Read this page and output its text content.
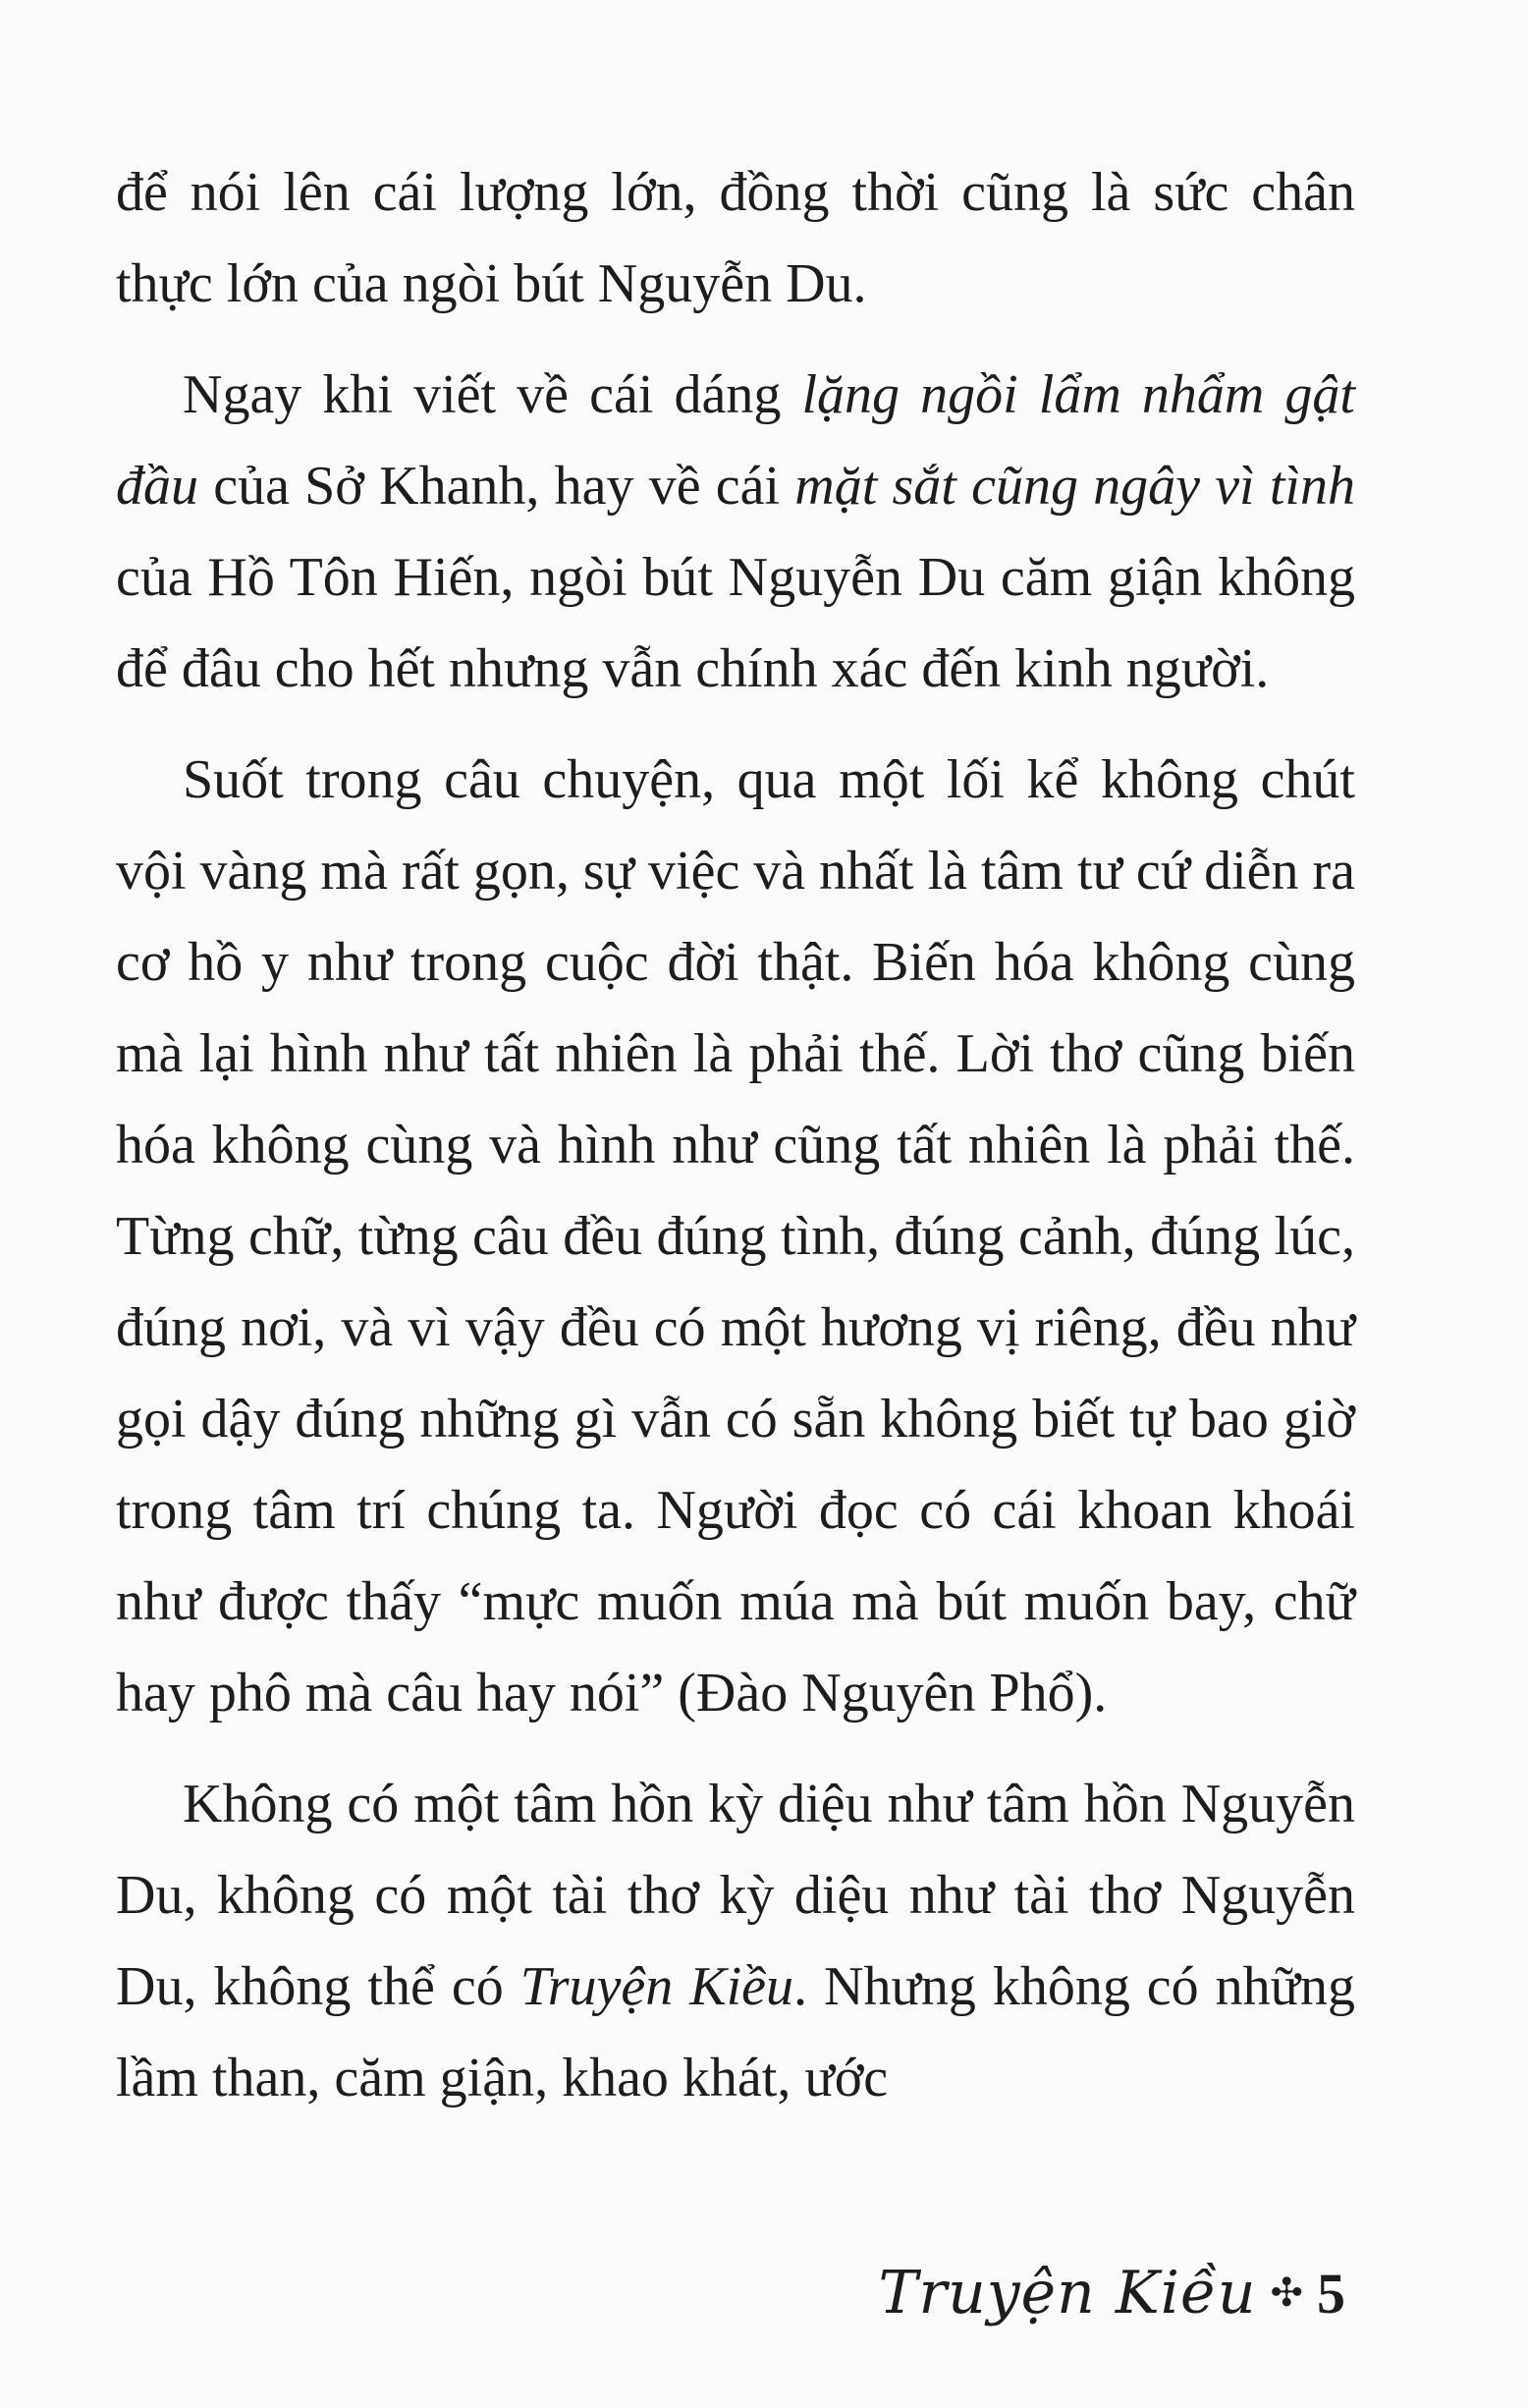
để nói lên cái lượng lớn, đồng thời cũng là sức chân thực lớn của ngòi bút Nguyễn Du.

Ngay khi viết về cái dáng lặng ngồi lẩm nhẩm gật đầu của Sở Khanh, hay về cái mặt sắt cũng ngây vì tình của Hồ Tôn Hiến, ngòi bút Nguyễn Du căm giận không để đâu cho hết nhưng vẫn chính xác đến kinh người.

Suốt trong câu chuyện, qua một lối kể không chút vội vàng mà rất gọn, sự việc và nhất là tâm tư cứ diễn ra cơ hồ y như trong cuộc đời thật. Biến hóa không cùng mà lại hình như tất nhiên là phải thế. Lời thơ cũng biến hóa không cùng và hình như cũng tất nhiên là phải thế. Từng chữ, từng câu đều đúng tình, đúng cảnh, đúng lúc, đúng nơi, và vì vậy đều có một hương vị riêng, đều như gọi dậy đúng những gì vẫn có sẵn không biết tự bao giờ trong tâm trí chúng ta. Người đọc có cái khoan khoái như được thấy “mực muốn múa mà bút muốn bay, chữ hay phô mà câu hay nói” (Đào Nguyên Phổ).

Không có một tâm hồn kỳ diệu như tâm hồn Nguyễn Du, không có một tài thơ kỳ diệu như tài thơ Nguyễn Du, không thể có Truyện Kiều. Nhưng không có những lầm than, căm giận, khao khát, ước

Truyện Kiều ✣ 5
